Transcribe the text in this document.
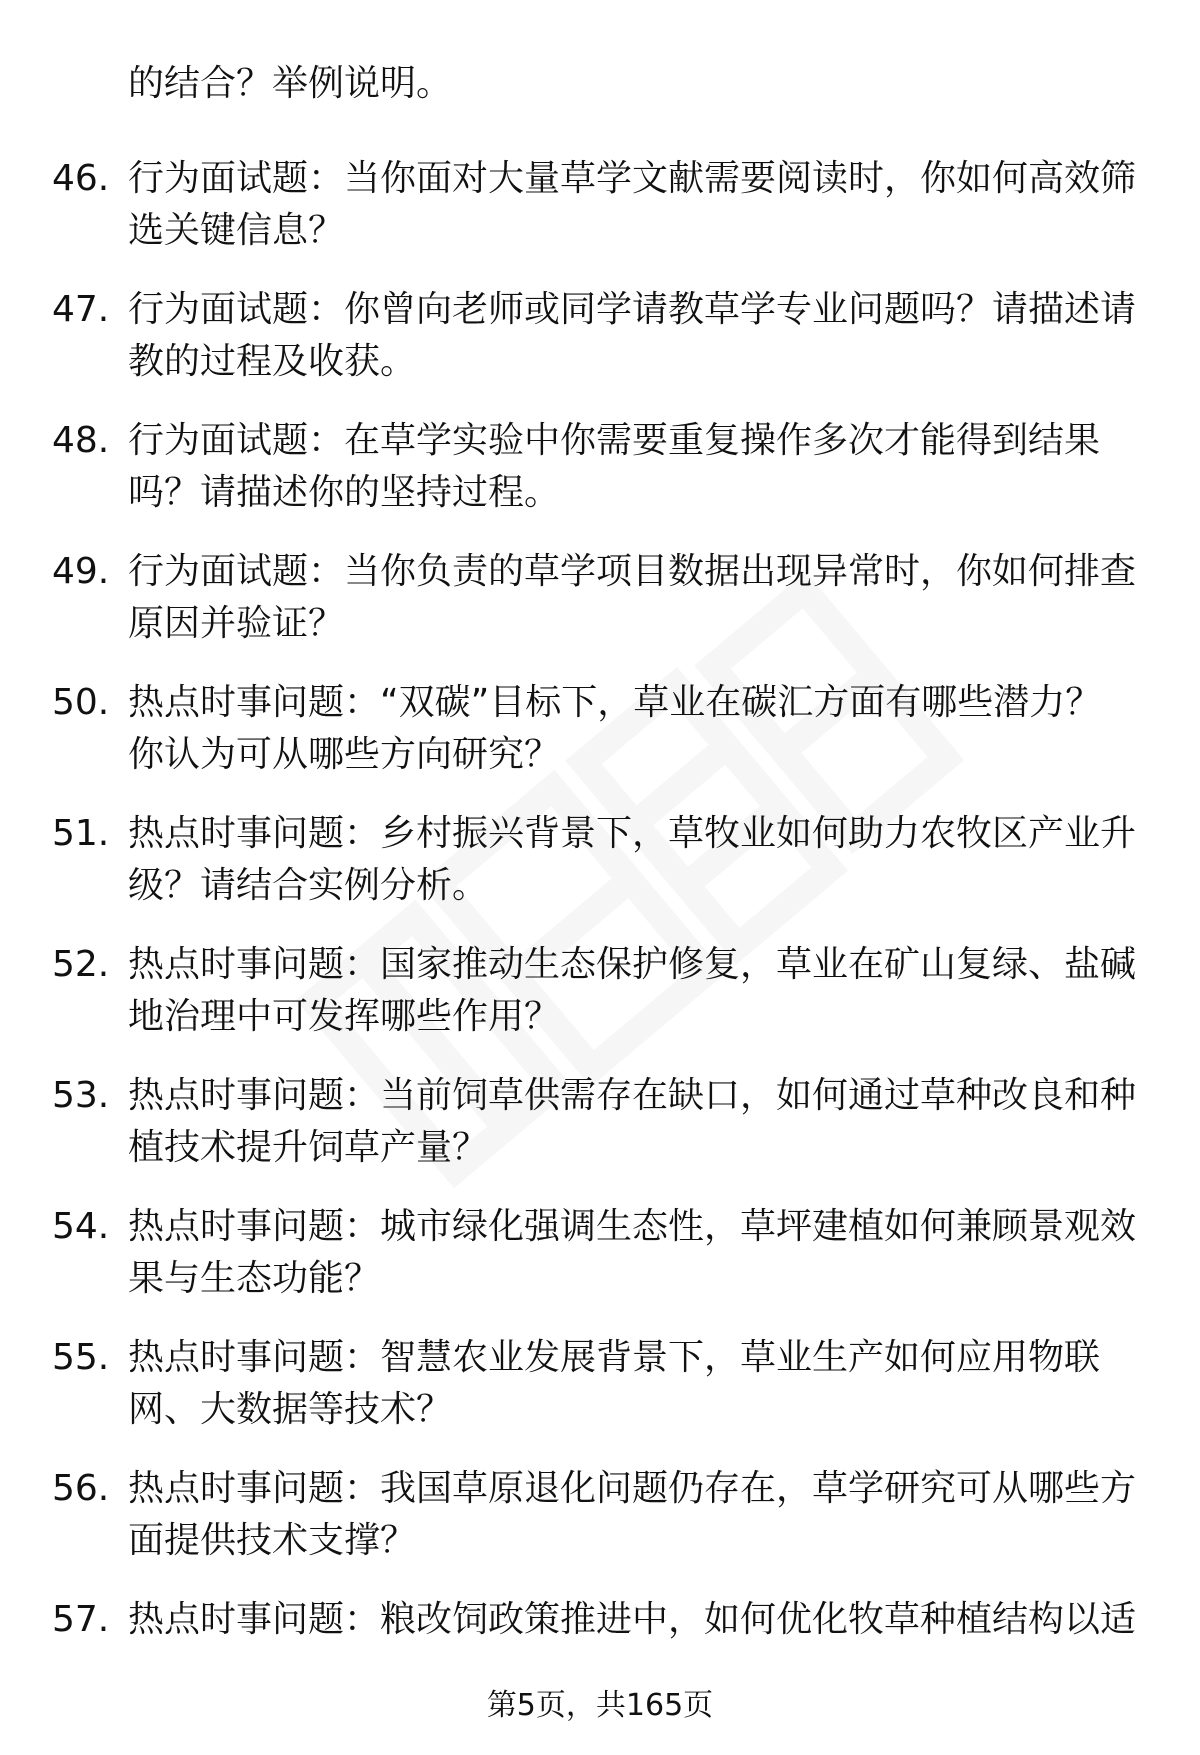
的结合？举例说明。
46. 行为面试题：当你面对大量草学文献需要阅读时，你如何高效筛
选关键信息？
47. 行为面试题：你曾向老师或同学请教草学专业问题吗？请描述请
教的过程及收获。
48. 行为面试题：在草学实验中你需要重复操作多次才能得到结果
吗？请描述你的坚持过程。
49. 行为面试题：当你负责的草学项目数据出现异常时，你如何排查
原因并验证？
50. 热点时事问题：“双碳”目标下，草业在碳汇方面有哪些潜力？
你认为可从哪些方向研究？
51. 热点时事问题：乡村振兴背景下，草牧业如何助力农牧区产业升
级？请结合实例分析。
52. 热点时事问题：国家推动生态保护修复，草业在矿山复绿、盐碱
地治理中可发挥哪些作用？
53. 热点时事问题：当前饲草供需存在缺口，如何通过草种改良和种
植技术提升饲草产量？
54. 热点时事问题：城市绿化强调生态性，草坪建植如何兼顾景观效
果与生态功能？
55. 热点时事问题：智慧农业发展背景下，草业生产如何应用物联
网、大数据等技术？
56. 热点时事问题：我国草原退化问题仍存在，草学研究可从哪些方
面提供技术支撑？
57. 热点时事问题：粮改饲政策推进中，如何优化牧草种植结构以适
第5页，共165页
